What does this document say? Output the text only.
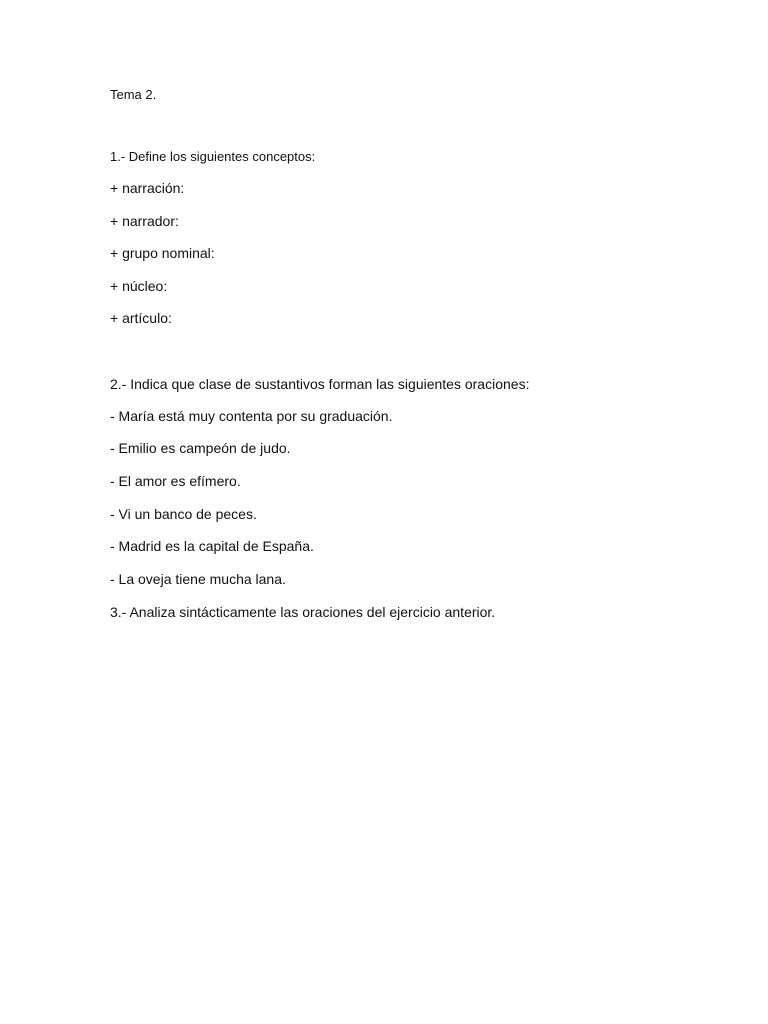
Tema 2.
1.- Define los siguientes conceptos:
+ narración:
+ narrador:
+ grupo nominal:
+ núcleo:
+ artículo:
2.- Indica que clase de sustantivos forman las siguientes oraciones:
- María está muy contenta por su graduación.
- Emilio es campeón de judo.
- El amor es efímero.
- Vi un banco de peces.
- Madrid es la capital de España.
- La oveja tiene mucha lana.
3.- Analiza sintácticamente las oraciones del ejercicio anterior.
